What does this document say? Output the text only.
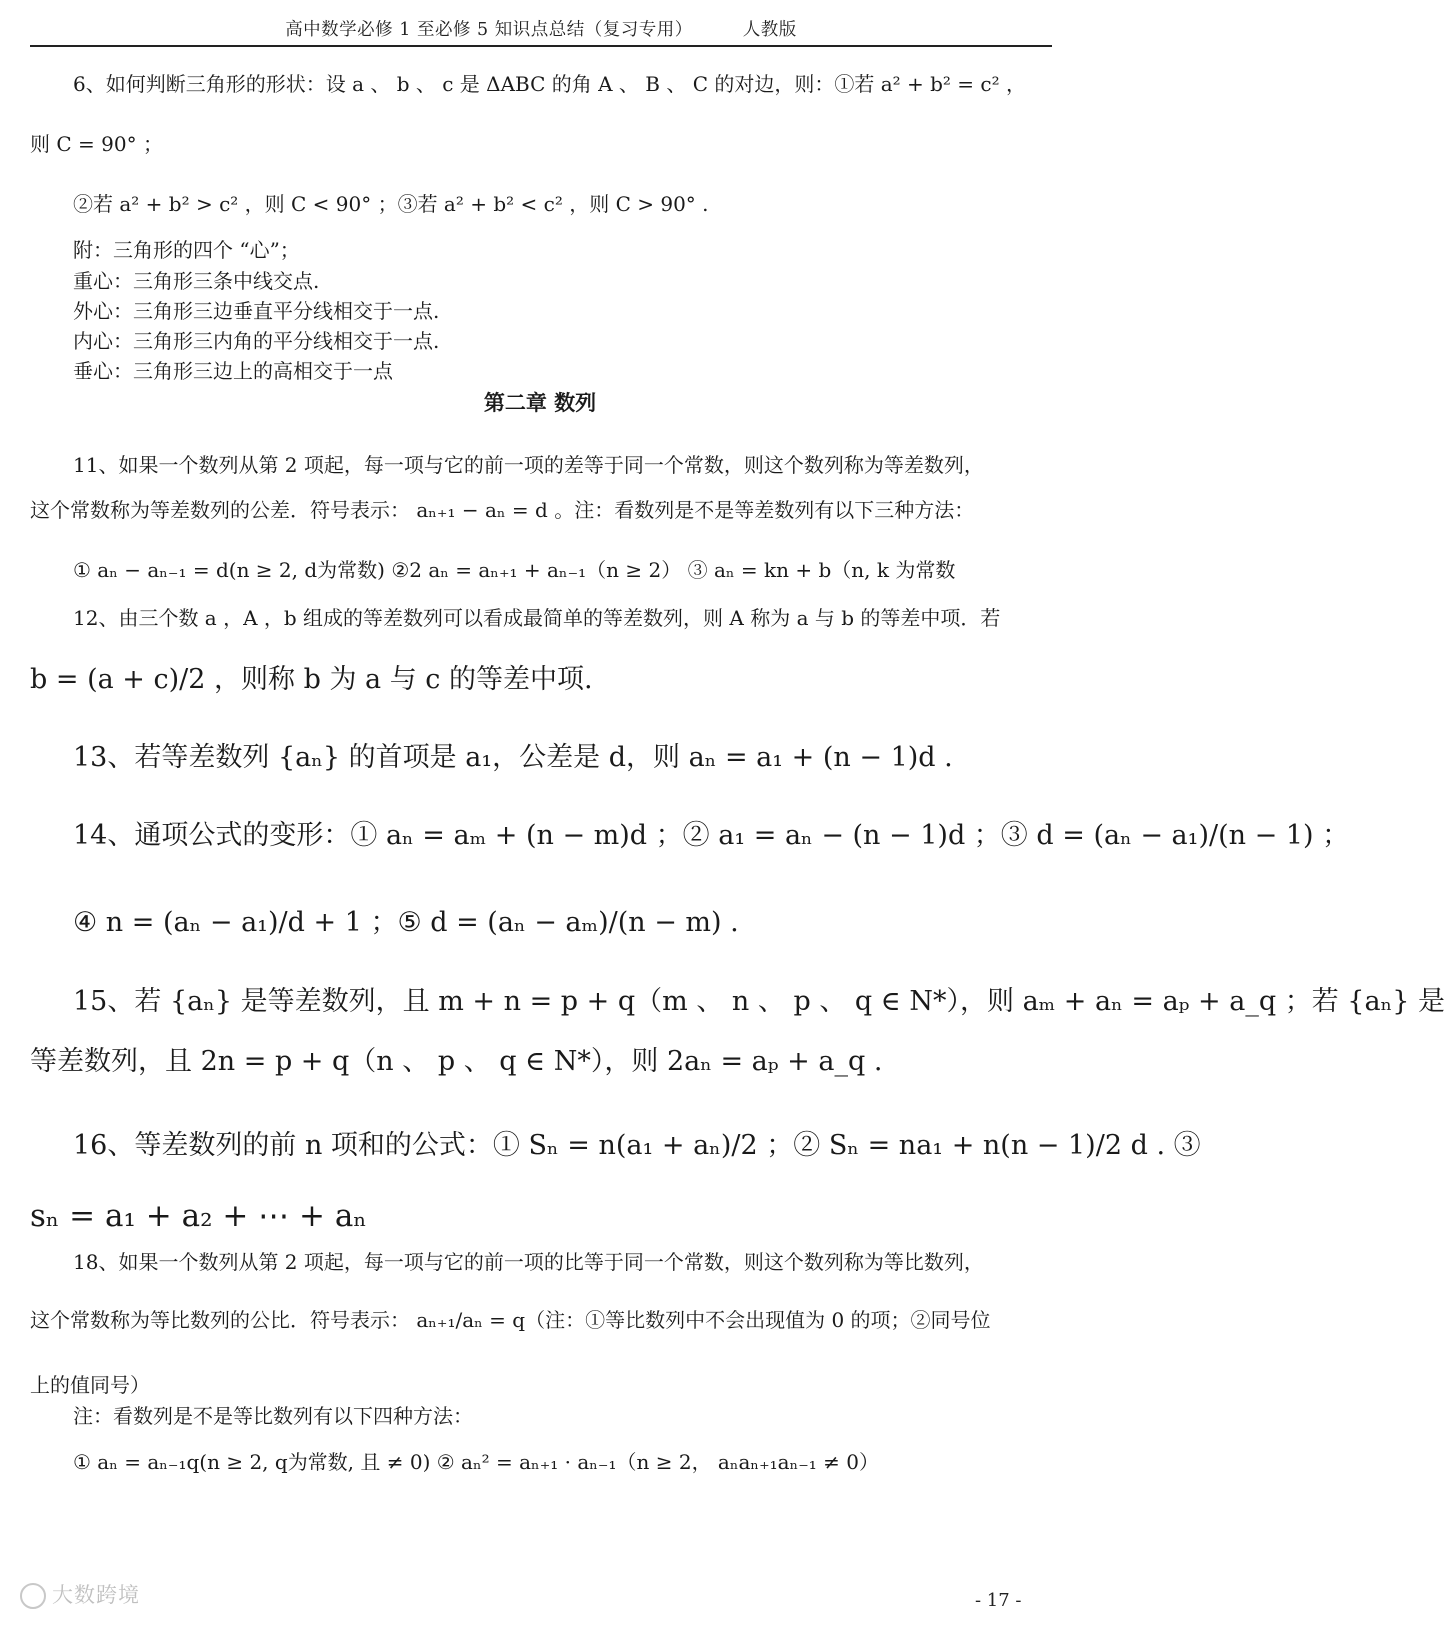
高中数学必修 1 至必修 5 知识点总结（复习专用）	人教版
6、如何判断三角形的形状：设 a 、 b 、 c 是 ΔABC 的角 A 、 B 、 C 的对边，则：①若 a² + b² = c² ，
则 C = 90° ；
②若 a² + b² > c² ，则 C < 90° ；③若 a² + b² < c² ，则 C > 90° .
附：三角形的四个 “心”；
重心：三角形三条中线交点.
外心：三角形三边垂直平分线相交于一点.
内心：三角形三内角的平分线相交于一点.
垂心：三角形三边上的高相交于一点
第二章 数列
11、如果一个数列从第 2 项起，每一项与它的前一项的差等于同一个常数，则这个数列称为等差数列，
这个常数称为等差数列的公差．符号表示： aₙ₊₁ − aₙ = d 。注：看数列是不是等差数列有以下三种方法：
① aₙ − aₙ₋₁ = d(n ≥ 2, d为常数) ②2 aₙ = aₙ₊₁ + aₙ₋₁（n ≥ 2） ③ aₙ = kn + b（n, k 为常数
12、由三个数 a ，A ，b 组成的等差数列可以看成最简单的等差数列，则 A 称为 a 与 b 的等差中项．若
b = (a + c)/2 ，则称 b 为 a 与 c 的等差中项.
13、若等差数列 {aₙ} 的首项是 a₁，公差是 d，则 aₙ = a₁ + (n − 1)d .
14、通项公式的变形：① aₙ = aₘ + (n − m)d ；② a₁ = aₙ − (n − 1)d ；③ d = (aₙ − a₁)/(n − 1) ；
④ n = (aₙ − a₁)/d + 1 ；⑤ d = (aₙ − aₘ)/(n − m) .
15、若 {aₙ} 是等差数列，且 m + n = p + q（m 、 n 、 p 、 q ∈ N*），则 aₘ + aₙ = aₚ + a_q ；若 {aₙ} 是
等差数列，且 2n = p + q（n 、 p 、 q ∈ N*），则 2aₙ = aₚ + a_q .
16、等差数列的前 n 项和的公式：① Sₙ = n(a₁ + aₙ)/2 ；② Sₙ = na₁ + n(n − 1)/2 d . ③
sₙ = a₁ + a₂ + ⋯ + aₙ
18、如果一个数列从第 2 项起，每一项与它的前一项的比等于同一个常数，则这个数列称为等比数列，
这个常数称为等比数列的公比．符号表示： aₙ₊₁/aₙ = q（注：①等比数列中不会出现值为 0 的项；②同号位
上的值同号）
注：看数列是不是等比数列有以下四种方法：
① aₙ = aₙ₋₁q(n ≥ 2, q为常数, 且 ≠ 0) ② aₙ² = aₙ₊₁ · aₙ₋₁（n ≥ 2， aₙaₙ₊₁aₙ₋₁ ≠ 0）
大数跨境	- 17 -
